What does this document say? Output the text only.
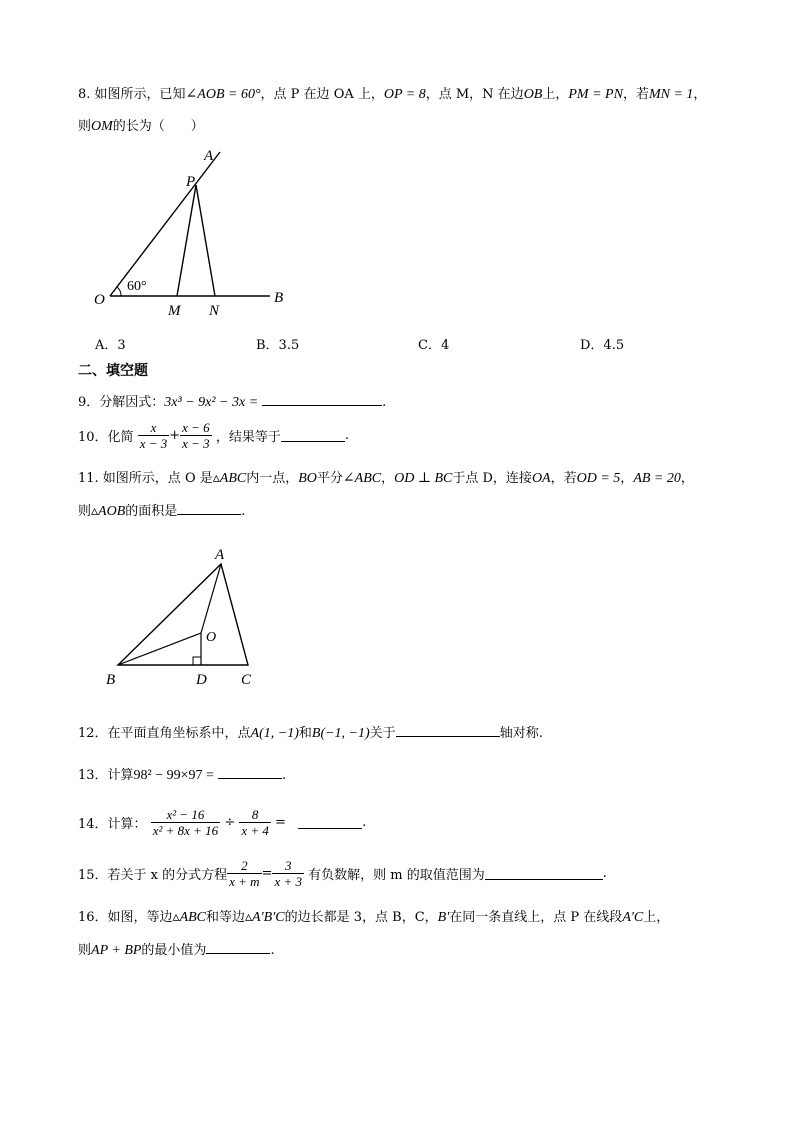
8. 如图所示，已知∠AOB = 60°，点 P 在边 OA 上，OP = 8，点 M，N 在边OB上，PM = PN，若MN = 1，
则OM的长为（　　）
A
P
O
60°
M N
B
A．3	B．3.5	C．4	D．4.5
二、填空题
9．分解因式：3x³ − 9x² − 3x =	.
10．化简 $\frac{x}{x - 3} + \frac{x - 6}{x - 3}$ ，结果等于	.
11. 如图所示，点 O 是▵ABC内一点，BO平分∠ABC，OD ⊥ BC于点 D，连接OA，若OD = 5，AB = 20，
则▵AOB的面积是	.
A
O
B	D C
12．在平面直角坐标系中，点A(1, −1)和B(−1, −1)关于	轴对称.
13．计算98² − 99×97 =	.
14．计算： $\frac{\text{x² − 16}}{\text{x² + 8x + 16}} \div \frac{8}{x + 4}$ =	.
15．若关于 x 的分式方程 $\frac{2}{x + m} = \frac{3}{x + 3}$ 有负数解，则 m 的取值范围为	.
16．如图，等边▵ABC和等边▵A′B′C的边长都是 3，点 B，C，B′在同一条直线上，点 P 在线段A′C上，
则AP + BP的最小值为	.
